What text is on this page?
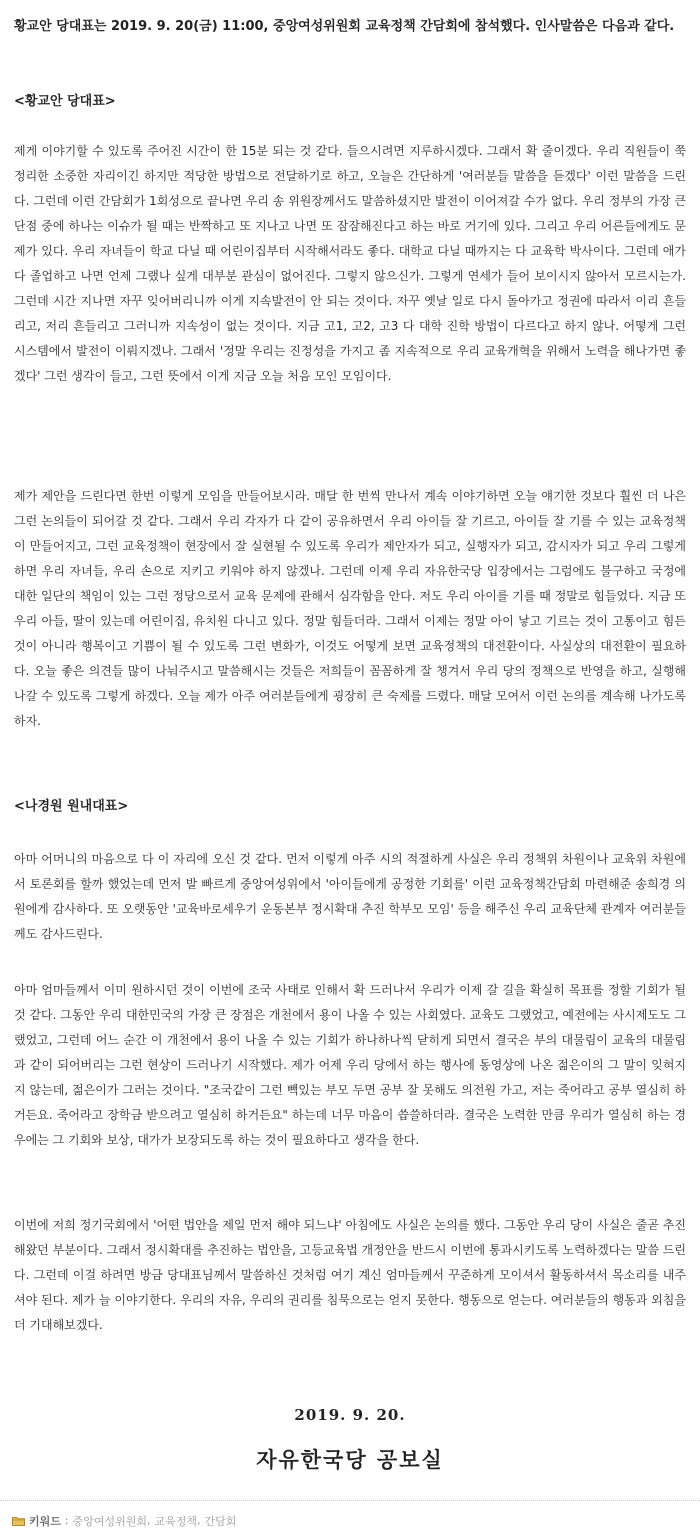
황교안 당대표는 2019. 9. 20(금) 11:00, 중앙여성위원회 교육정책 간담회에 참석했다. 인사말씀은 다음과 같다.

<황교안 당대표>

제게 이야기할 수 있도록 주어진 시간이 한 15분 되는 것 같다. 들으시려면 지루하시겠다. 그래서 확 줄이겠다. 우리 직원들이 쭉 정리한 소중한 자리이긴 하지만 적당한 방법으로 전달하기로 하고, 오늘은 간단하게 '여러분들 말씀을 듣겠다' 이런 말씀을 드린다. 그런데 이런 간담회가 1회성으로 끝나면 우리 송 위원장께서도 말씀하셨지만 발전이 이어져갈 수가 없다. 우리 정부의 가장 큰 단점 중에 하나는 이슈가 될 때는 반짝하고 또 지나고 나면 또 잠잠해진다고 하는 바로 거기에 있다. 그리고 우리 어른들에게도 문제가 있다. 우리 자녀들이 학교 다닐 때 어린이집부터 시작해서라도 좋다. 대학교 다닐 때까지는 다 교육학 박사이다. 그런데 애가 다 졸업하고 나면 언제 그랬나 싶게 대부분 관심이 없어진다. 그렇지 않으신가. 그렇게 연세가 들어 보이시지 않아서 모르시는가. 그런데 시간 지나면 자꾸 잊어버리니까 이게 지속발전이 안 되는 것이다. 자꾸 옛날 일로 다시 돌아가고 정권에 따라서 이리 흔들리고, 저리 흔들리고 그러니까 지속성이 없는 것이다. 지금 고1, 고2, 고3 다 대학 진학 방법이 다르다고 하지 않나. 어떻게 그런 시스템에서 발전이 이뤄지겠나. 그래서 '정말 우리는 진정성을 가지고 좀 지속적으로 우리 교육개혁을 위해서 노력을 해나가면 좋겠다' 그런 생각이 들고, 그런 뜻에서 이게 지금 오늘 처음 모인 모임이다.

제가 제안을 드린다면 한번 이렇게 모임을 만들어보시라. 매달 한 번씩 만나서 계속 이야기하면 오늘 얘기한 것보다 훨씬 더 나은 그런 논의들이 되어갈 것 같다. 그래서 우리 각자가 다 같이 공유하면서 우리 아이들 잘 기르고, 아이들 잘 기를 수 있는 교육정책이 만들어지고, 그런 교육정책이 현장에서 잘 실현될 수 있도록 우리가 제안자가 되고, 실행자가 되고, 감시자가 되고 우리 그렇게 하면 우리 자녀들, 우리 손으로 지키고 키워야 하지 않겠나. 그런데 이제 우리 자유한국당 입장에서는 그럼에도 불구하고 국정에 대한 일단의 책임이 있는 그런 정당으로서 교육 문제에 관해서 심각함을 안다. 저도 우리 아이를 기를 때 정말로 힘들었다. 지금 또 우리 아들, 딸이 있는데 어린이집, 유치원 다니고 있다. 정말 힘들더라. 그래서 이제는 정말 아이 낳고 기르는 것이 고통이고 힘든 것이 아니라 행복이고 기쁨이 될 수 있도록 그런 변화가, 이것도 어떻게 보면 교육정책의 대전환이다. 사실상의 대전환이 필요하다. 오늘 좋은 의견들 많이 나눠주시고 말씀해시는 것들은 저희들이 꼼꼼하게 잘 챙겨서 우리 당의 정책으로 반영을 하고, 실행해나갈 수 있도록 그렇게 하겠다. 오늘 제가 아주 여러분들에게 굉장히 큰 숙제를 드렸다. 매달 모여서 이런 논의를 계속해 나가도록 하자.

<나경원 원내대표>

아마 어머니의 마음으로 다 이 자리에 오신 것 같다. 먼저 이렇게 아주 시의 적절하게 사실은 우리 정책위 차원이나 교육위 차원에서 토론회를 할까 했었는데 먼저 발 빠르게 중앙여성위에서 '아이들에게 공정한 기회를' 이런 교육정책간담회 마련해준 송희경 의원에게 감사하다. 또 오랫동안 '교육바로세우기 운동본부 정시확대 추진 학부모 모임' 등을 해주신 우리 교육단체 관계자 여러분들께도 감사드린다.

아마 엄마들께서 이미 원하시던 것이 이번에 조국 사태로 인해서 확 드러나서 우리가 이제 갈 길을 확실히 목표를 정할 기회가 될 것 같다. 그동안 우리 대한민국의 가장 큰 장점은 개천에서 용이 나올 수 있는 사회였다. 교육도 그랬었고, 예전에는 사시제도도 그랬었고, 그런데 어느 순간 이 개천에서 용이 나올 수 있는 기회가 하나하나씩 닫히게 되면서 결국은 부의 대물림이 교육의 대물림과 같이 되어버리는 그런 현상이 드러나기 시작했다. 제가 어제 우리 당에서 하는 행사에 동영상에 나온 젊은이의 그 말이 잊혀지지 않는데, 젊은이가 그러는 것이다. "조국같이 그런 빽있는 부모 두면 공부 잘 못해도 의전원 가고, 저는 죽어라고 공부 열심히 하거든요. 죽어라고 장학금 받으려고 열심히 하거든요" 하는데 너무 마음이 씁쓸하더라. 결국은 노력한 만큼 우리가 열심히 하는 경우에는 그 기회와 보상, 대가가 보장되도록 하는 것이 필요하다고 생각을 한다.

이번에 저희 정기국회에서 '어떤 법안을 제일 먼저 해야 되느냐' 아침에도 사실은 논의를 했다. 그동안 우리 당이 사실은 줄곧 추진해왔던 부분이다. 그래서 정시확대를 추진하는 법안을, 고등교육법 개정안을 반드시 이번에 통과시키도록 노력하겠다는 말씀 드린다. 그런데 이걸 하려면 방금 당대표님께서 말씀하신 것처럼 여기 계신 엄마들께서 꾸준하게 모이셔서 활동하셔서 목소리를 내주셔야 된다. 제가 늘 이야기한다. 우리의 자유, 우리의 권리를 침묵으로는 얻지 못한다. 행동으로 얻는다. 여러분들의 행동과 외침을 더 기대해보겠다.

2019. 9. 20.

자유한국당 공보실

키워드 : 중앙여성위원회 , 교육정책 , 간담회
